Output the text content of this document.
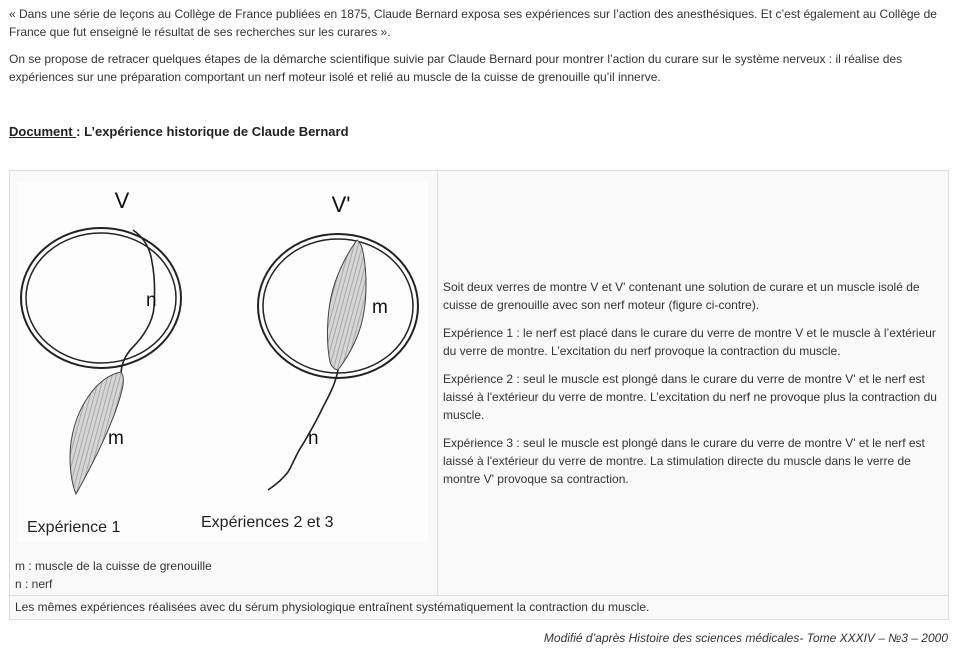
« Dans une série de leçons au Collège de France publiées en 1875, Claude Bernard exposa ses expériences sur l’action des anesthésiques. Et c’est également au Collège de France que fut enseigné le résultat de ses recherches sur les curares ».

On se propose de retracer quelques étapes de la démarche scientifique suivie par Claude Bernard pour montrer l’action du curare sur le système nerveux : il réalise des expériences sur une préparation comportant un nerf moteur isolé et relié au muscle de la cuisse de grenouille qu’il innerve.

Document : L’expérience historique de Claude Bernard
V	V'
n	m
m	n
Expérience 1	Expériences 2 et 3
m : muscle de la cuisse de grenouille
n : nerf

Soit deux verres de montre V et V' contenant une solution de curare et un muscle isolé de cuisse de grenouille avec son nerf moteur (figure ci-contre).

Expérience 1 : le nerf est placé dans le curare du verre de montre V et le muscle à l’extérieur du verre de montre. L’excitation du nerf provoque la contraction du muscle.

Expérience 2 : seul le muscle est plongé dans le curare du verre de montre V' et le nerf est laissé à l'extérieur du verre de montre. L’excitation du nerf ne provoque plus la contraction du muscle.

Expérience 3 : seul le muscle est plongé dans le curare du verre de montre V' et le nerf est laissé à l'extérieur du verre de montre. La stimulation directe du muscle dans le verre de montre V' provoque sa contraction.

Les mêmes expériences réalisées avec du sérum physiologique entraînent systématiquement la contraction du muscle.
Modifié d’après Histoire des sciences médicales- Tome XXXIV – №3 – 2000
